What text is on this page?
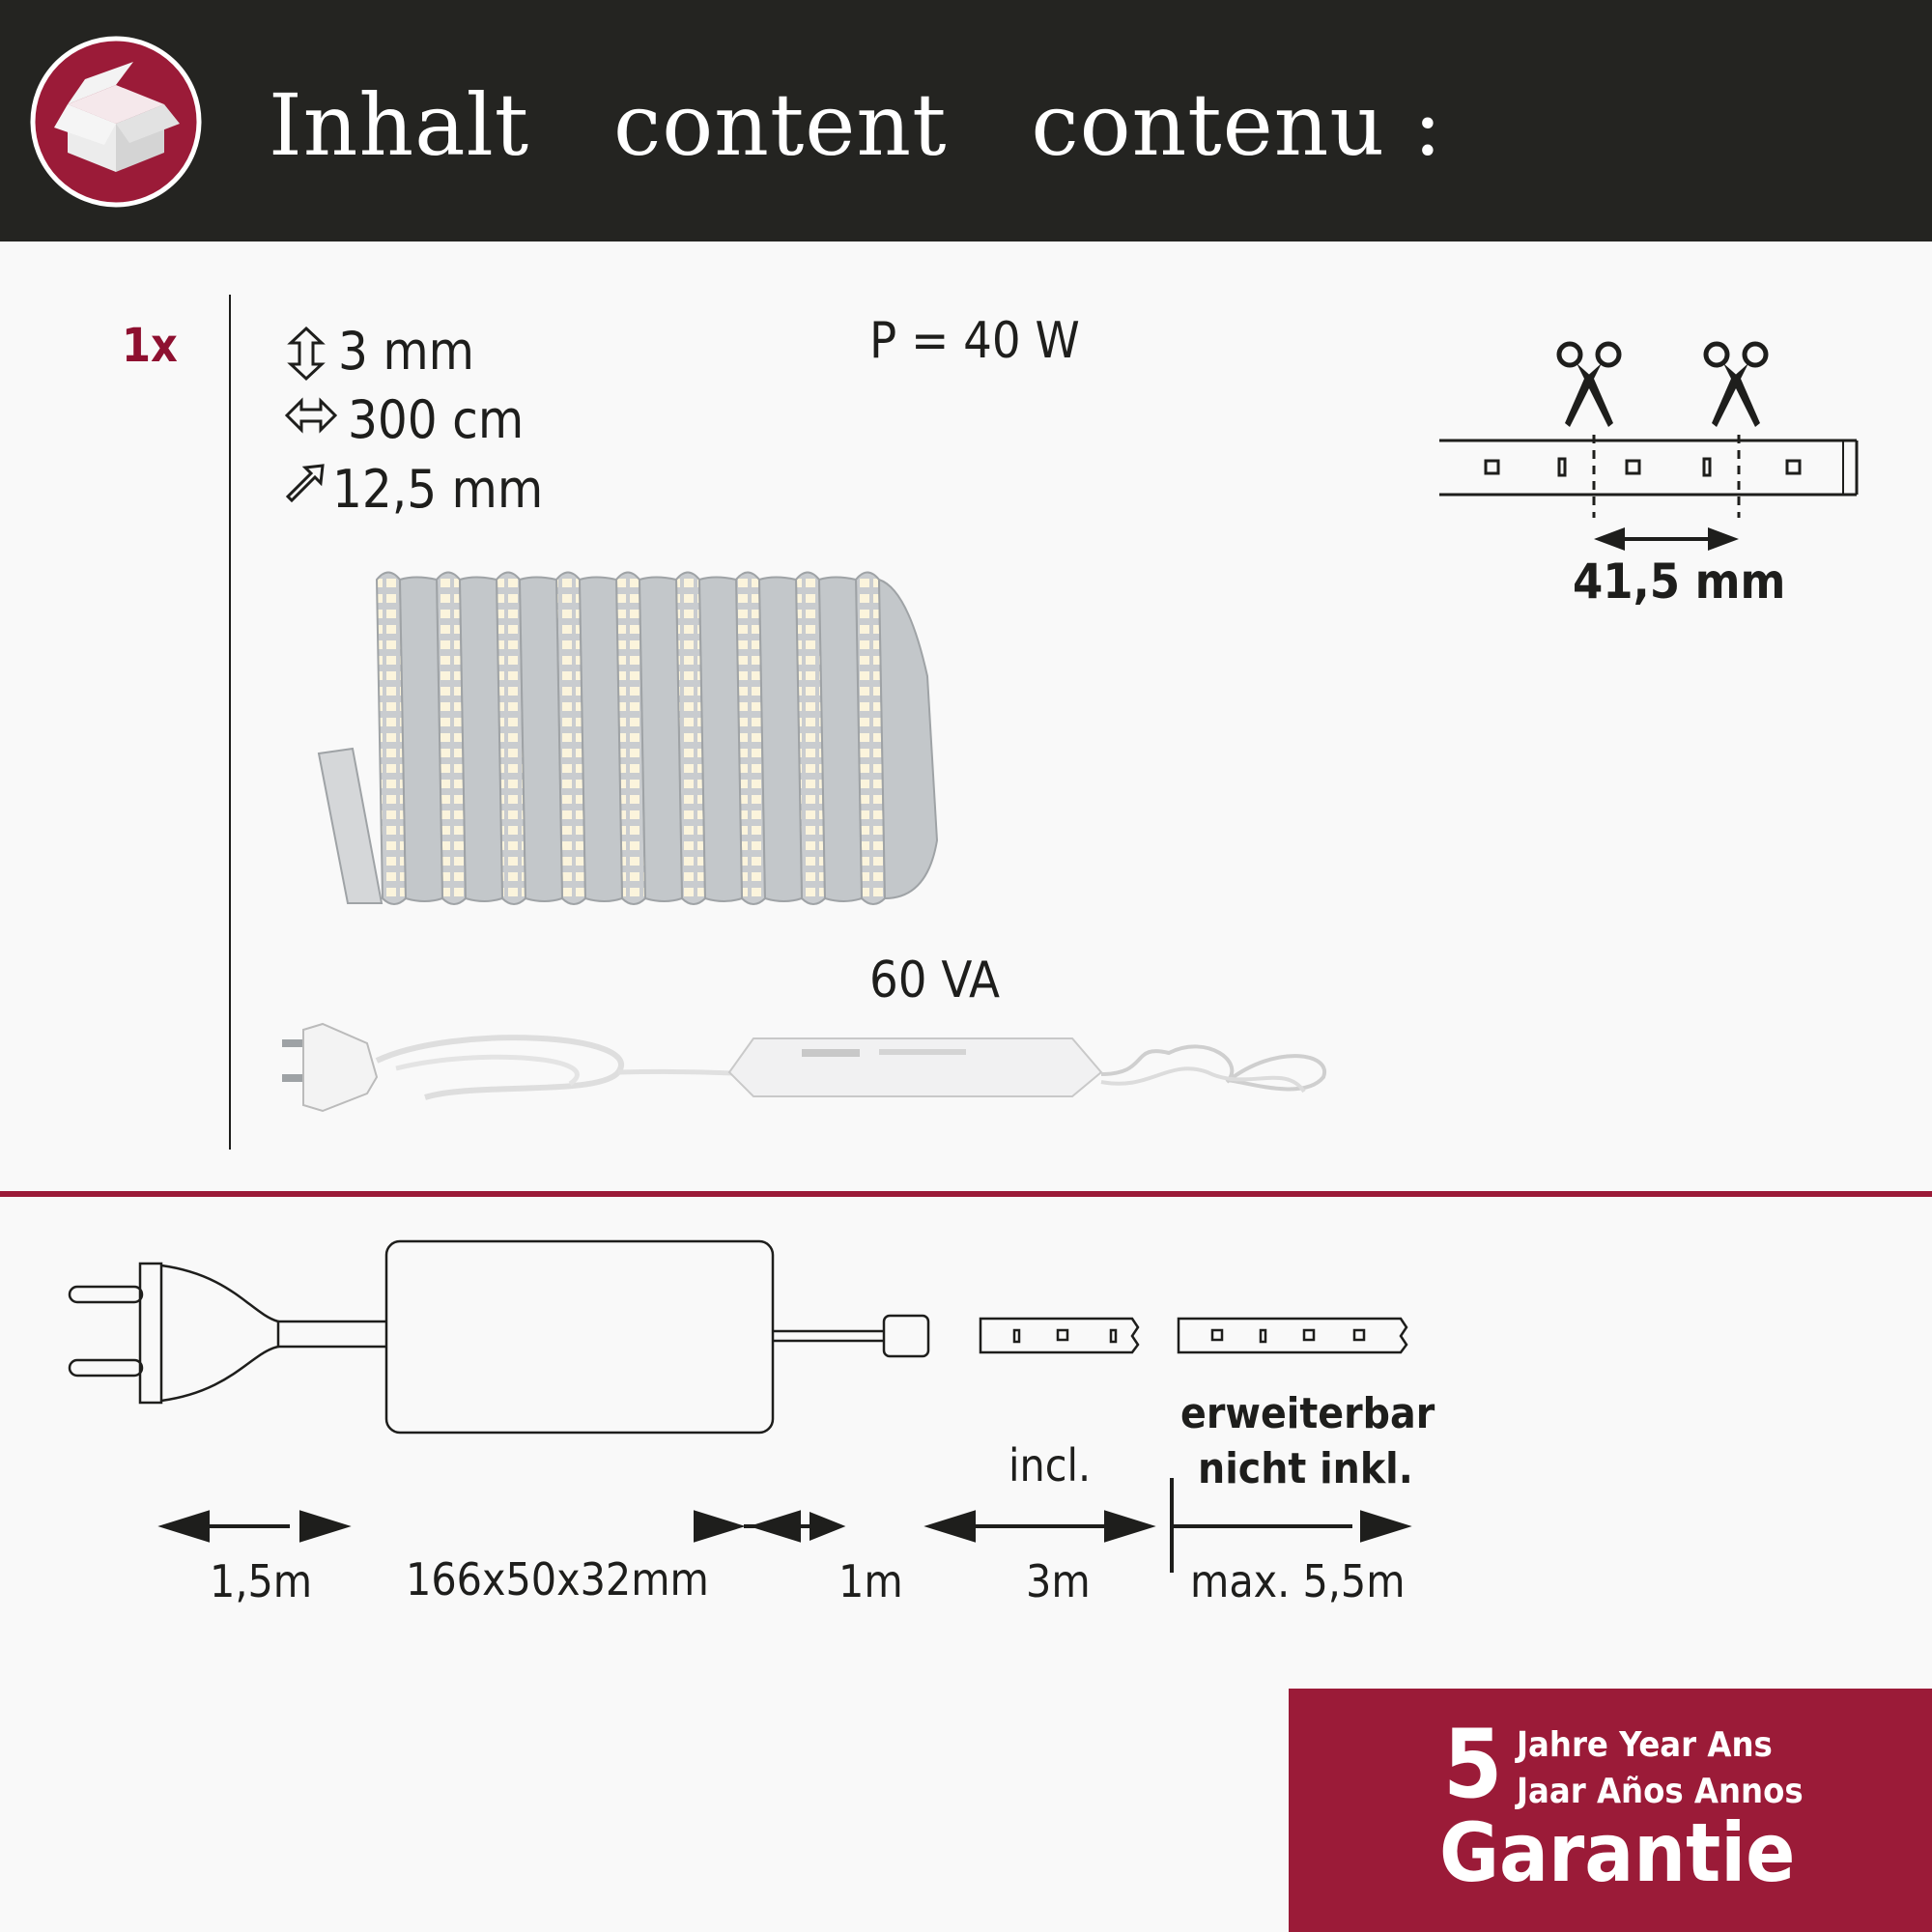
Inhalt   content   contenu :
1x	3 mm
300 cm
12,5 mm
P = 40 W
60 VA
41,5 mm
1,5m 166x50x32mm	1m
incl.
3m
erweiterbar
nicht inkl.
max. 5,5m
5 Jahre Year Ans
Jaar Años Annos
Garantie
